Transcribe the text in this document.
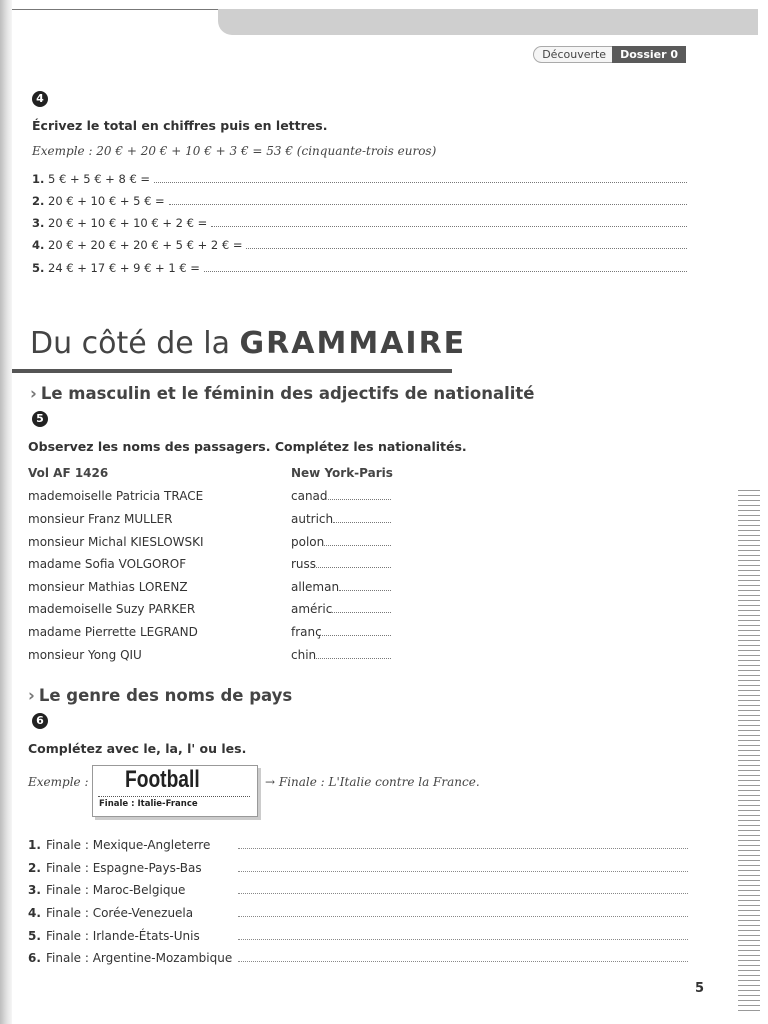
Découverte	Dossier 0
4
Écrivez le total en chiffres puis en lettres.
Exemple : 20 € + 20 € + 10 € + 3 € = 53 € (cinquante-trois euros)
1. 5 € + 5 € + 8 € =
2. 20 € + 10 € + 5 € =
3. 20 € + 10 € + 10 € + 2 € =
4. 20 € + 20 € + 20 € + 5 € + 2 € =
5. 24 € + 17 € + 9 € + 1 € =
Du côté de la GRAMMAIRE
› Le masculin et le féminin des adjectifs de nationalité
5
Observez les noms des passagers. Complétez les nationalités.
Vol AF 1426	New York-Paris
mademoiselle Patricia TRACE	canad
monsieur Franz MULLER	autrich
monsieur Michal KIESLOWSKI	polon
madame Sofia VOLGOROF	russ
monsieur Mathias LORENZ	alleman
mademoiselle Suzy PARKER	améric
madame Pierrette LEGRAND	franç
monsieur Yong QIU	chin
› Le genre des noms de pays
6
Complétez avec le, la, l' ou les.
Exemple : Football
Finale : Italie-France
→ Finale : L'Italie contre la France.
1. Finale : Mexique-Angleterre
2. Finale : Espagne-Pays-Bas
3. Finale : Maroc-Belgique
4. Finale : Corée-Venezuela
5. Finale : Irlande-États-Unis
6. Finale : Argentine-Mozambique
5
